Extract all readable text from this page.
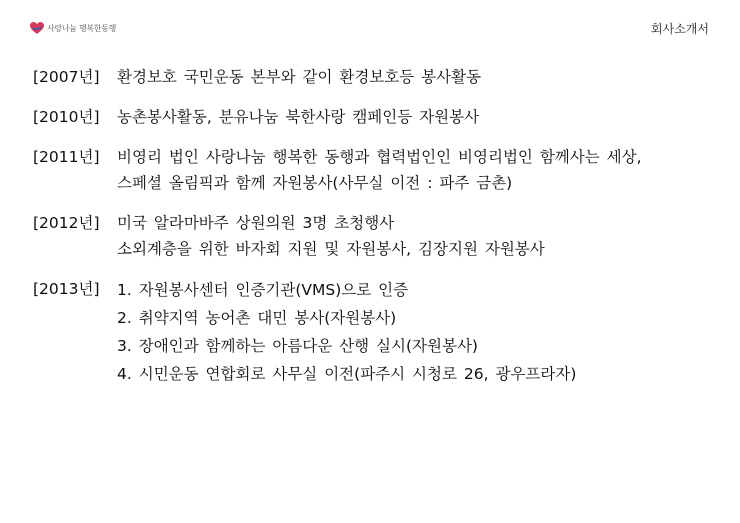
사랑나눔 행복한동행	회사소개서
[2007년]	환경보호 국민운동 본부와 같이 환경보호등 봉사활동
[2010년]	농촌봉사활동, 분유나눔 북한사랑 캠페인등 자원봉사
[2011년]	비영리 법인 사랑나눔 행복한 동행과 협력법인인 비영리법인 함께사는 세상,
스페셜 올림픽과 함께 자원봉사(사무실 이전 : 파주 금촌)
[2012년]	미국 알라마바주 상원의원 3명 초청행사
소외계층을 위한 바자회 지원 및 자원봉사, 김장지원 자원봉사
[2013년]	1. 자원봉사센터 인증기관(VMS)으로 인증
2. 취약지역 농어촌 대민 봉사(자원봉사)
3. 장애인과 함께하는 아름다운 산행 실시(자원봉사)
4. 시민운동 연합회로 사무실 이전(파주시 시청로 26, 광우프라자)
